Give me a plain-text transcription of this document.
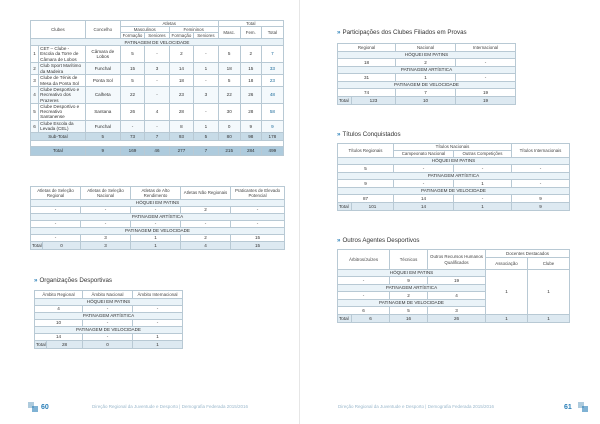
Clubes		Concelho	Atletas				Total		
			Masculinos		Femininos		Masc.	Fem.	Total
			Formação	Seniores	Formação	Seniores			
PATINAGEM DE VELOCIDADE									
1	CET – Clube - Escola da Torre de Câmara de Lobos	Câmara de Lobos	5	-	2	-	5	2	7
2	Club Sport Marítimo da Madeira	Funchal	15	3	14	1	18	15	33
3	Clube de Ténis de Mesa da Ponta Sol	Ponta Sol	5	-	18	-	5	18	23
4	Clube Desportivo e Recreativo dos Prazeres	Calheta	22	-	23	3	22	26	48
5	Clube Desportivo e Recreativo Santanense	Santana	26	4	28	-	30	28	58
6	Clube Escola da Levada (CEL)	Funchal	-	-	8	1	0	9	9
Sub-Total		5	73	7	93	5	80	98	178

Total		9	169	46	277	7	215	284	499
Atletas de Seleção Regional		Atletas de Seleção Nacional	Atletas de Alto Rendimento	Atletas Não Regionais	Praticantes de Elevado Potencial
HÓQUEI EM PATINS					
-		-	-	2	-
PATINAGEM ARTÍSTICA					
-		-	-	-	-
PATINAGEM DE VELOCIDADE					
-		3	1	2	15
Total	0	3	1	4	15
» Organizações Desportivas
Âmbito Regional		Âmbito Nacional	Âmbito Internacional
HÓQUEI EM PATINS			
4		-	-
PATINAGEM ARTÍSTICA			
10		-	-
PATINAGEM DE VELOCIDADE			
14		-	1
Total	28	0	1
60	Direção Regional da Juventude e Desporto | Demografia Federada 2015/2016
» Participações dos Clubes Filiados em Provas
Regional		Nacional	Internacional
HÓQUEI EM PATINS			
18		2	-
PATINAGEM ARTÍSTICA			
31		1	-
PATINAGEM DE VELOCIDADE			
74		7	19
Total	123	10	19
» Títulos Conquistados
Títulos Regionais		Títulos Nacionais		Títulos Internacionais
		Campeonato Nacional	Outras Competições	
HÓQUEI EM PATINS				
5		-	-	-
PATINAGEM ARTÍSTICA				
9		-	1	-
PATINAGEM DE VELOCIDADE				
87		14	-	9
Total	101	14	1	9
» Outros Agentes Desportivos
Árbitros/Juízes		Técnicos	Outros Recursos Humanos Qualificados	Docentes Destacados	
				Associação	Clube
HÓQUEI EM PATINS				1	1
-		9	19		
PATINAGEM ARTÍSTICA					
-		2	4		
PATINAGEM DE VELOCIDADE					
6		5	3		
Total	6	16	26	1	1
Direção Regional da Juventude e Desporto | Demografia Federada 2015/2016	61
